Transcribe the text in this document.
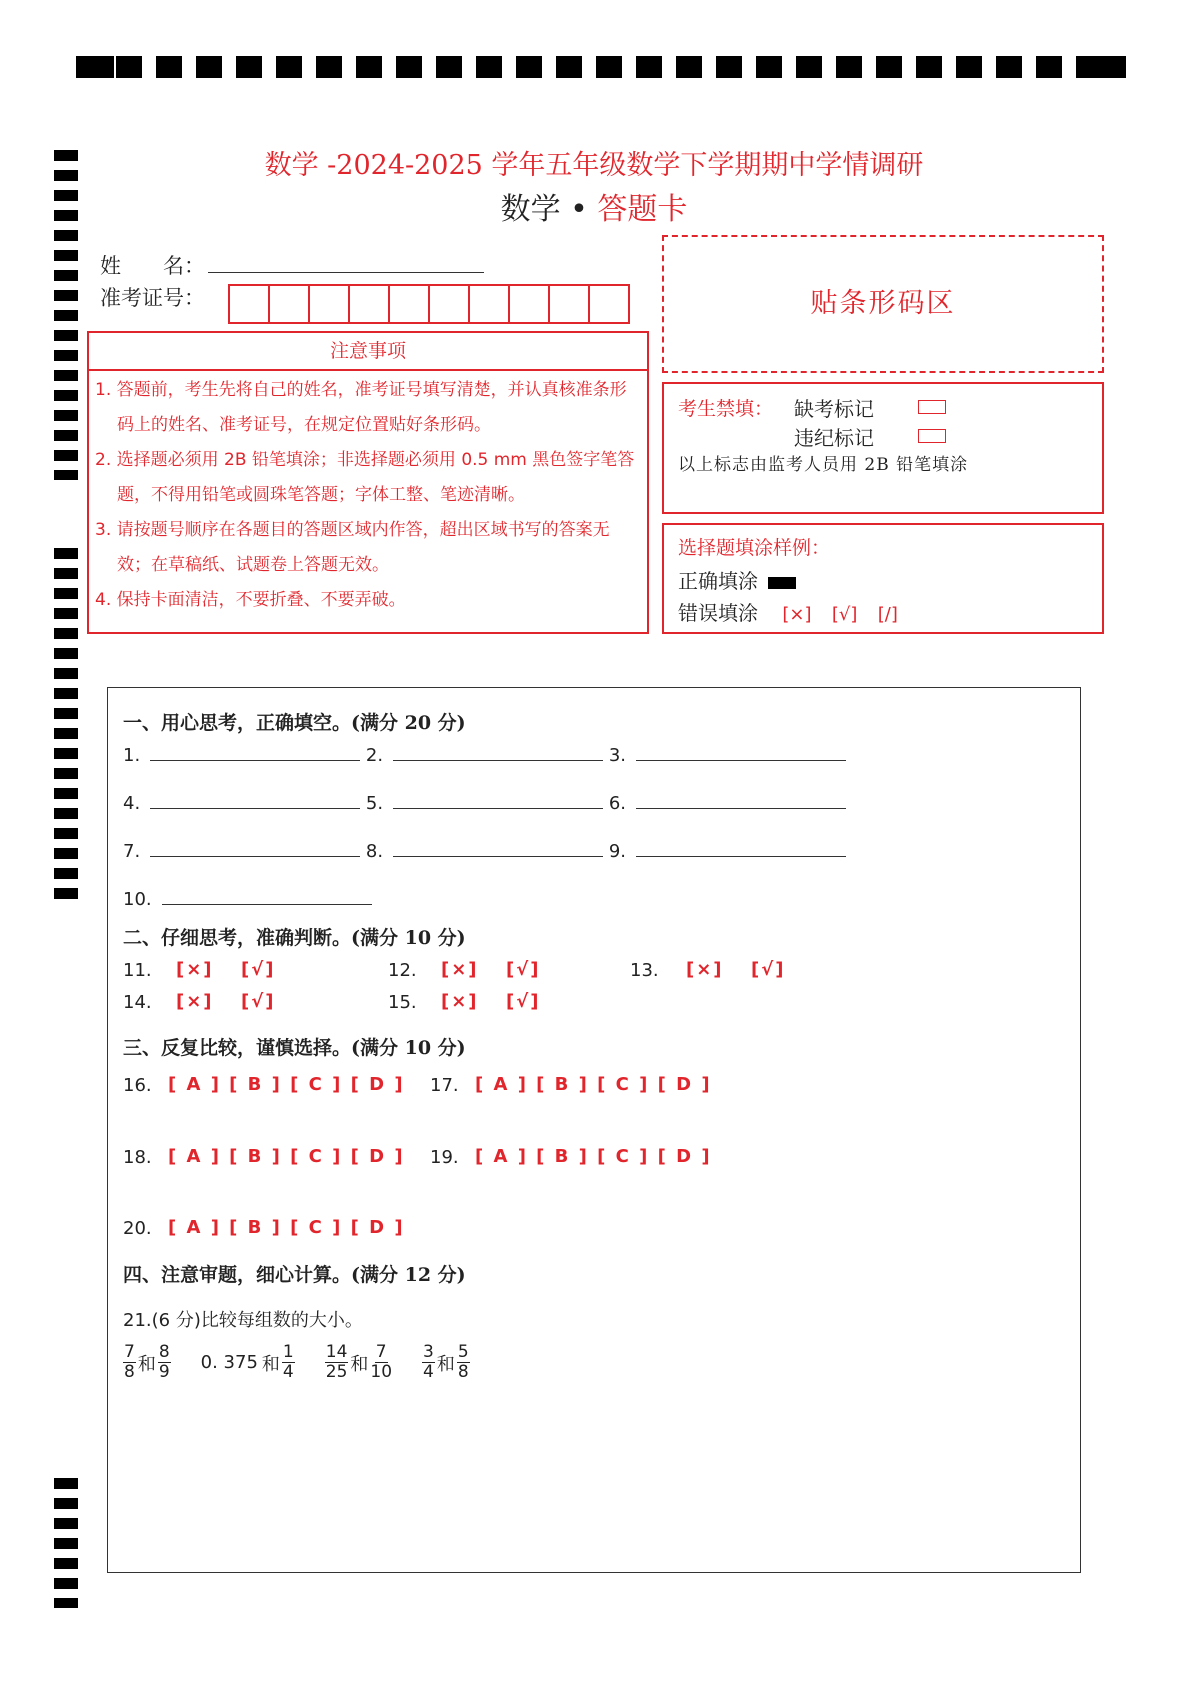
数学 -2024-2025 学年五年级数学下学期期中学情调研
数学 • 答题卡
姓　　名：
准考证号：	贴条形码区
注意事项

1. 答题前，考生先将自己的姓名，准考证号填写清楚，并认真核准条形码上的姓名、准考证号，在规定位置贴好条形码。

2. 选择题必须用 2B 铅笔填涂；非选择题必须用 0.5 mm 黑色签字笔答题，不得用铅笔或圆珠笔答题；字体工整、笔迹清晰。

3. 请按题号顺序在各题目的答题区域内作答，超出区域书写的答案无效；在草稿纸、试题卷上答题无效。

4. 保持卡面清洁，不要折叠、不要弄破。

考生禁填： 缺考标记
违纪标记
以上标志由监考人员用 2B 铅笔填涂
选择题填涂样例：
正确填涂
错误填涂 [×] [√] [/]
一、用心思考，正确填空。(满分 20 分)
1.	2.	3.
4.	5.	6.
7.	8.	9.
10.
二、仔细思考，准确判断。(满分 10 分)
11.	[×] [√]	12. [×] [√]	13. [×] [√]
14. [×] [√]	15. [×] [√]
三、反复比较，谨慎选择。(满分 10 分)
16. [ A ] [ B ] [ C ] [ D ] 17. [ A ] [ B ] [ C ] [ D ]
18. [ A ] [ B ] [ C ] [ D ] 19. [ A ] [ B ] [ C ] [ D ]
20. [ A ] [ B ] [ C ] [ D ]
四、注意审题，细心计算。(满分 12 分)
21.(6 分)比较每组数的大小。
$\frac{7}{8}$ 和 $\frac{8}{9} 0$. 375 和 $\frac{1}{4} \frac{14}{25}$ 和 $\frac{7}{10} \frac{3}{4}$ 和 $\frac{5}{8}$
